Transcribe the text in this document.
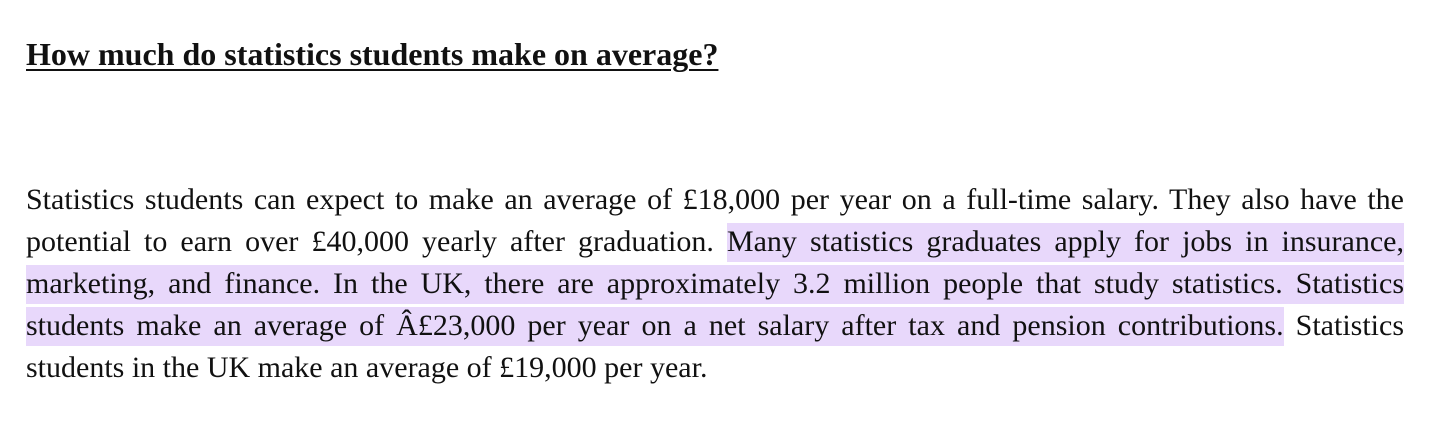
How much do statistics students make on average?

Statistics students can expect to make an average of £18,000 per year on a full-time salary. They also have the potential to earn over £40,000 yearly after graduation. Many statistics graduates apply for jobs in insurance, marketing, and finance. In the UK, there are approximately 3.2 million people that study statistics. Statistics students make an average of Â£23,000 per year on a net salary after tax and pension contributions. Statistics students in the UK make an average of £19,000 per year.
